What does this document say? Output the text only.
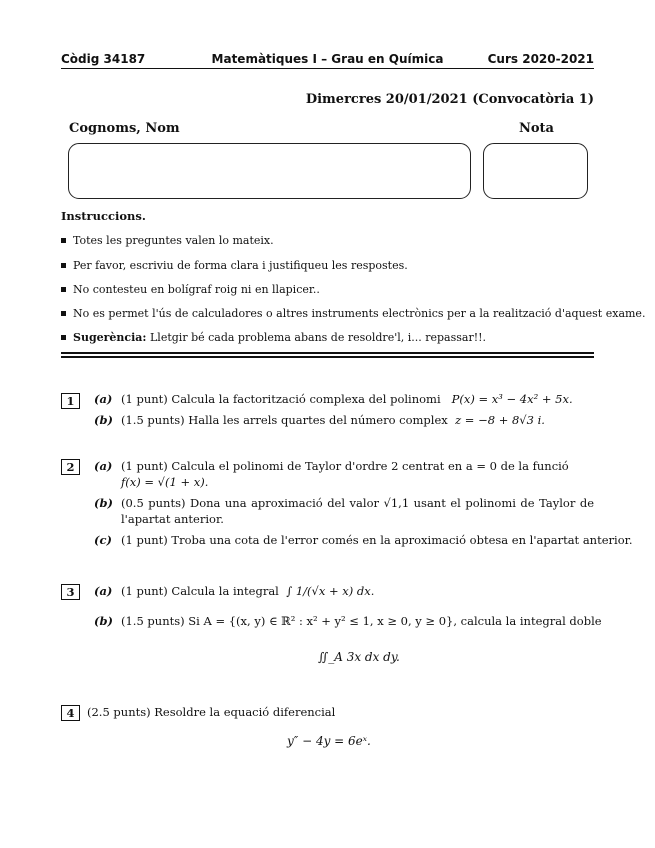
Còdig 34187	Matemàtiques I – Grau en Química	Curs 2020-2021
Dimercres 20/01/2021 (Convocatòria 1)
Cognoms, Nom	Nota
Instruccions.
Totes les preguntes valen lo mateix.
Per favor, escriviu de forma clara i justifiqueu les respostes.
No contesteu en bolígraf roig ni en llapicer..
No es permet l'ús de calculadores o altres instruments electrònics per a la realització d'aquest exame.
Sugerència: Lletgir bé cada problema abans de resoldre'l, i... repassar!!.
1	(a) (1 punt) Calcula la factorització complexa del polinomi P(x) = x³ − 4x² + 5x.
(b) (1.5 punts) Halla les arrels quartes del número complex z = −8 + 8√3 i.
2	(a) (1 punt) Calcula el polinomi de Taylor d'ordre 2 centrat en a = 0 de la funció
f(x) = √(1 + x).
(b) (0.5 punts) Dona una aproximació del valor √1,1 usant el polinomi de Taylor de l'apartat anterior.
(c) (1 punt) Troba una cota de l'error comés en la aproximació obtesa en l'apartat anterior.
3	(a) (1 punt) Calcula la integral ∫ 1/(√x + x) dx.
(b) (1.5 punts) Si A = {(x, y) ∈ ℝ² : x² + y² ≤ 1, x ≥ 0, y ≥ 0}, calcula la integral doble
∬_A 3x dx dy.
4	(2.5 punts) Resoldre la equació diferencial
y″ − 4y = 6eˣ.
